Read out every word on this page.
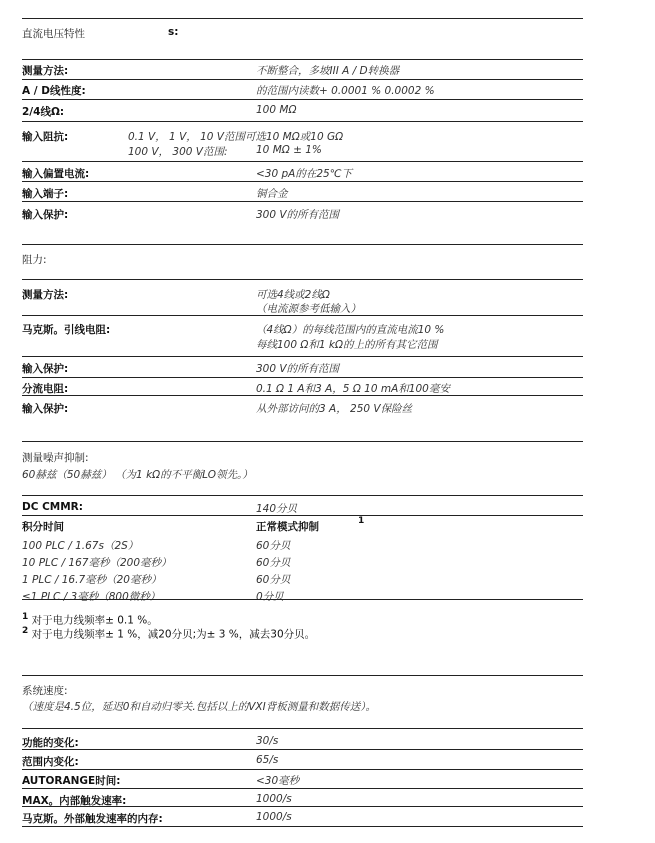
直流电压特性	s:
测量方法:	不断整合，多坡III A / D转换器
A / D线性度:	的范围内读数+ 0.0001 % 0.0002 %
2/4线Ω:	100 MΩ
输入阻抗:	0.1 V， 1 V， 10 V范围可选10 MΩ或10 GΩ
100 V， 300 V范围:	10 MΩ ± 1%
输入偏置电流:	<30 pA的在25℃下
输入端子:	铜合金
输入保护:	300 V的所有范围
阻力:
测量方法:	可选4线或2线Ω
（电流源参考低输入）
马克斯。引线电阻:	（4线Ω）的每线范围内的直流电流10 %
每线100 Ω和1 kΩ的上的所有其它范围
输入保护:	300 V的所有范围
分流电阻:	0.1 Ω 1 A和3 A，5 Ω 10 mA和100毫安
输入保护:	从外部访问的3 A， 250 V保险丝
测量噪声抑制:
60赫兹（50赫兹） （为1 kΩ的不平衡LO领先。）
DC CMMR:	140分贝
积分时间	正常模式抑制	1
100 PLC / 1.67s（2S）	60分贝
10 PLC / 167毫秒（200毫秒）	60分贝
1 PLC / 16.7毫秒（20毫秒）	60分贝
≤1 PLC / 3毫秒（800微秒）	0分贝
$^1$ 对于电力线频率± 0.1 %。
$^2$ 对于电力线频率± 1 %，减20分贝;为± 3 %，减去30分贝。
系统速度:
（速度是4.5位，延迟0和自动归零关.包括以上的VXI背板测量和数据传送）。
功能的变化:	30/s
范围内变化:	65/s
AUTORANGE时间:	<30毫秒
MAX。内部触发速率:	1000/s
马克斯。外部触发速率的内存:	1000/s
